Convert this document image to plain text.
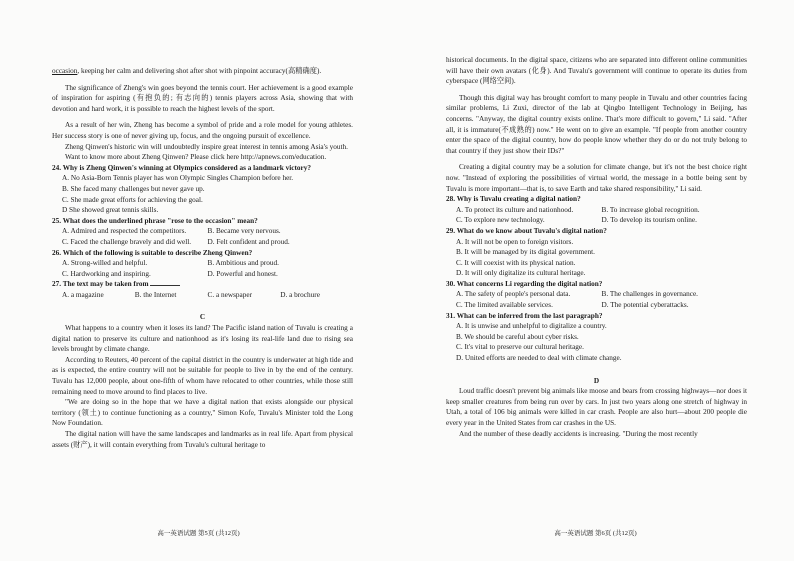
occasion, keeping her calm and delivering shot after shot with pinpoint accuracy(高精确度).

The significance of Zheng's win goes beyond the tennis court. Her achievement is a good example of inspiration for aspiring (有抱负的; 有志向的) tennis players across Asia, showing that with devotion and hard work, it is possible to reach the highest levels of the sport.

As a result of her win, Zheng has become a symbol of pride and a role model for young athletes. Her success story is one of never giving up, focus, and the ongoing pursuit of excellence.

Zheng Qinwen's historic win will undoubtedly inspire great interest in tennis among Asia's youth.

Want to know more about Zheng Qinwen? Please click here http://apnews.com/education.

24. Why is Zheng Qinwen's winning at Olympics considered as a landmark victory?

A. No Asia-Born Tennis player has won Olympic Singles Champion before her.

B. She faced many challenges but never gave up.

C. She made great efforts for achieving the goal.

D She showed great tennis skills.

25. What does the underlined phrase "rose to the occasion" mean?

A. Admired and respected the competitors.	B. Became very nervous.
C. Faced the challenge bravely and did well.	D. Felt confident and proud.

26. Which of the following is suitable to describe Zheng Qinwen?

A. Strong-willed and helpful.	B. Ambitious and proud.
C. Hardworking and inspiring.	D. Powerful and honest.

27. The text may be taken from

A. a magazine	B. the Internet	C. a newspaper	D. a brochure

C

What happens to a country when it loses its land? The Pacific island nation of Tuvalu is creating a digital nation to preserve its culture and nationhood as it's losing its real-life land due to rising sea levels brought by climate change.

According to Reuters, 40 percent of the capital district in the country is underwater at high tide and as is expected, the entire country will not be suitable for people to live in by the end of the century. Tuvalu has 12,000 people, about one-fifth of whom have relocated to other countries, while those still remaining need to move around to find places to live.

"We are doing so in the hope that we have a digital nation that exists alongside our physical territory (领土) to continue functioning as a country," Simon Kofe, Tuvalu's Minister told the Long Now Foundation.

The digital nation will have the same landscapes and landmarks as in real life. Apart from physical assets (财产), it will contain everything from Tuvalu's cultural heritage to

高一英语试题 第5页 (共12页)

historical documents. In the digital space, citizens who are separated into different online communities will have their own avatars (化身). And Tuvalu's government will continue to operate its duties from cyberspace (网络空间).

Though this digital way has brought comfort to many people in Tuvalu and other countries facing similar problems, Li Zuxi, director of the lab at Qingbo Intelligent Technology in Beijing, has concerns. "Anyway, the digital country exists online. That's more difficult to govern," Li said. "After all, it is immature(不成熟的) now." He went on to give an example. "If people from another country enter the space of the digital country, how do people know whether they do or do not truly belong to that country if they just show their IDs?"

Creating a digital country may be a solution for climate change, but it's not the best choice right now. "Instead of exploring the possibilities of virtual world, the message in a bottle being sent by Tuvalu is more important—that is, to save Earth and take shared responsibility," Li said.

28. Why is Tuvalu creating a digital nation?

A. To protect its culture and nationhood.	B. To increase global recognition.
C. To explore new technology.	D. To develop its tourism online.

29. What do we know about Tuvalu's digital nation?

A. It will not be open to foreign visitors.

B. It will be managed by its digital government.

C. It will coexist with its physical nation.

D. It will only digitalize its cultural heritage.

30. What concerns Li regarding the digital nation?

A. The safety of people's personal data.	B. The challenges in governance.
C. The limited available services.	D. The potential cyberattacks.

31. What can be inferred from the last paragraph?

A. It is unwise and unhelpful to digitalize a country.

B. We should be careful about cyber risks.

C. It's vital to preserve our cultural heritage.

D. United efforts are needed to deal with climate change.

D

Loud traffic doesn't prevent big animals like moose and bears from crossing highways—nor does it keep smaller creatures from being run over by cars. In just two years along one stretch of highway in Utah, a total of 106 big animals were killed in car crash. People are also hurt—about 200 people die every year in the United States from car crashes in the US.

And the number of these deadly accidents is increasing. "During the most recently

高一英语试题 第6页 (共12页)
